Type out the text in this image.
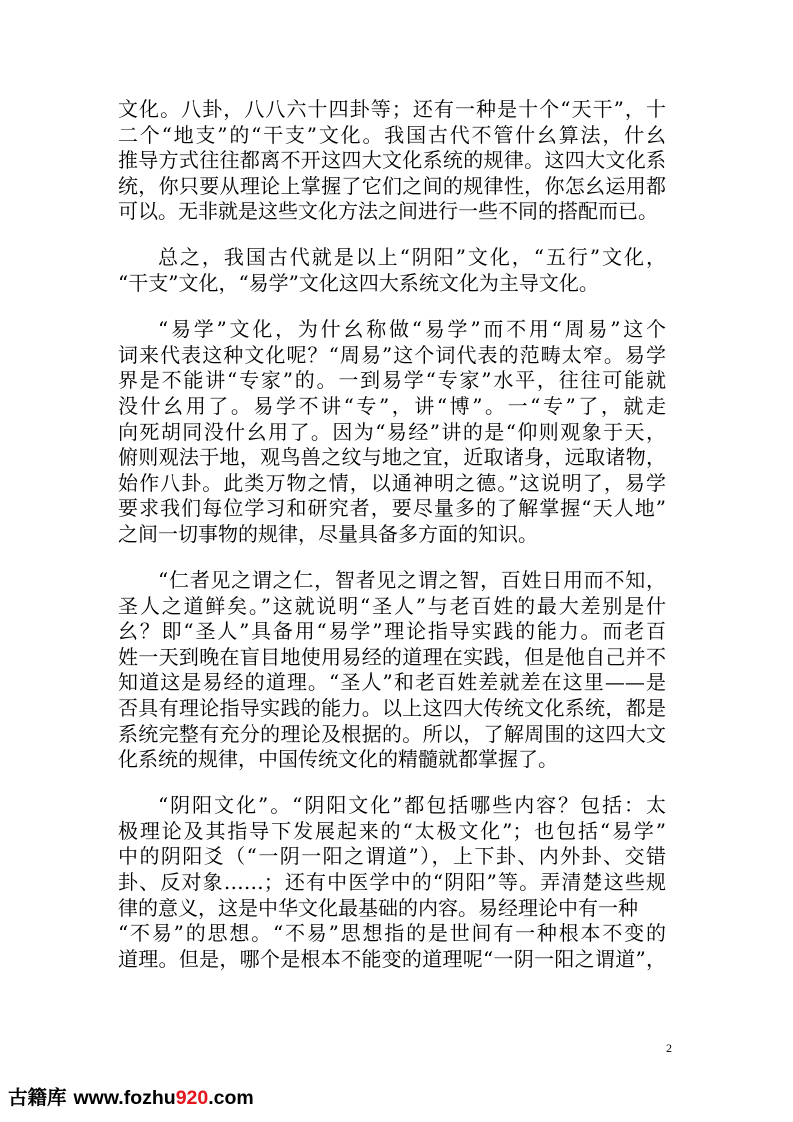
文化。八卦，八八六十四卦等；还有一种是十个“天干”，十
二个“地支”的“干支”文化。我国古代不管什幺算法，什幺
推导方式往往都离不开这四大文化系统的规律。这四大文化系
统，你只要从理论上掌握了它们之间的规律性，你怎幺运用都
可以。无非就是这些文化方法之间进行一些不同的搭配而已。
总之，我国古代就是以上“阴阳”文化，“五行”文化，
“干支”文化，“易学”文化这四大系统文化为主导文化。
“易学”文化，为什幺称做“易学”而不用“周易”这个
词来代表这种文化呢？“周易”这个词代表的范畴太窄。易学
界是不能讲“专家”的。一到易学“专家”水平，往往可能就
没什幺用了。易学不讲“专”，讲“博”。一“专”了，就走
向死胡同没什幺用了。因为“易经”讲的是“仰则观象于天，
俯则观法于地，观鸟兽之纹与地之宜，近取诸身，远取诸物，
始作八卦。此类万物之情，以通神明之德。”这说明了，易学
要求我们每位学习和研究者，要尽量多的了解掌握“天人地”
之间一切事物的规律，尽量具备多方面的知识。
“仁者见之谓之仁，智者见之谓之智，百姓日用而不知，
圣人之道鲜矣。”这就说明“圣人”与老百姓的最大差别是什
幺？即“圣人”具备用“易学”理论指导实践的能力。而老百
姓一天到晚在盲目地使用易经的道理在实践，但是他自己并不
知道这是易经的道理。“圣人”和老百姓差就差在这里——是
否具有理论指导实践的能力。以上这四大传统文化系统，都是
系统完整有充分的理论及根据的。所以，了解周围的这四大文
化系统的规律，中国传统文化的精髓就都掌握了。
“阴阳文化”。“阴阳文化”都包括哪些内容？包括：太
极理论及其指导下发展起来的“太极文化”；也包括“易学”
中的阴阳爻（“一阴一阳之谓道”），上下卦、内外卦、交错
卦、反对象……；还有中医学中的“阴阳”等。弄清楚这些规
律的意义，这是中华文化最基础的内容。易经理论中有一种
“不易”的思想。“不易”思想指的是世间有一种根本不变的
道理。但是，哪个是根本不能变的道理呢“一阴一阳之谓道”，
2
古籍库 www.fozhu920.com
